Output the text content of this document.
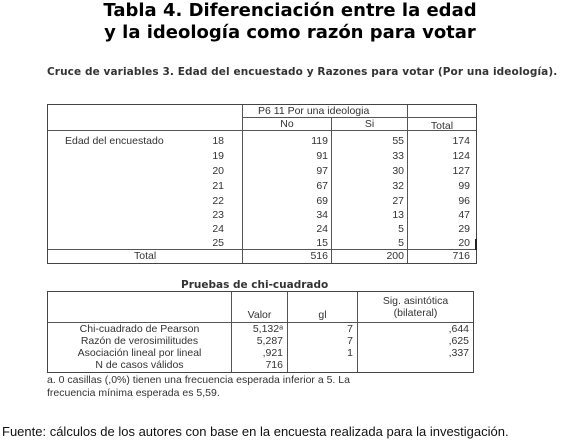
Tabla 4. Diferenciación entre la edad
y la ideología como razón para votar
Cruce de variables 3. Edad del encuestado y Razones para votar (Por una ideología).
P6 11 Por una ideologia
No	Si	Total
Edad del encuestado	18	119	55	174
19	91	33	124
20	97	30	127
21	67	32	99
22	69	27	96
23	34	13	47
24	24	5	29
25	15	5	20
Total	516	200	716
Pruebas de chi-cuadrado
Valor	gl
Sig. asintótica
(bilateral)
Chi-cuadrado de Pearson	5,132ᵃ	7	,644
Razón de verosimilitudes	5,287	7	,625
Asociación lineal por lineal	,921	1	,337
N de casos válidos	716
a. 0 casillas (,0%) tienen una frecuencia esperada inferior a 5. La
frecuencia mínima esperada es 5,59.
Fuente: cálculos de los autores con base en la encuesta realizada para la investigación.
